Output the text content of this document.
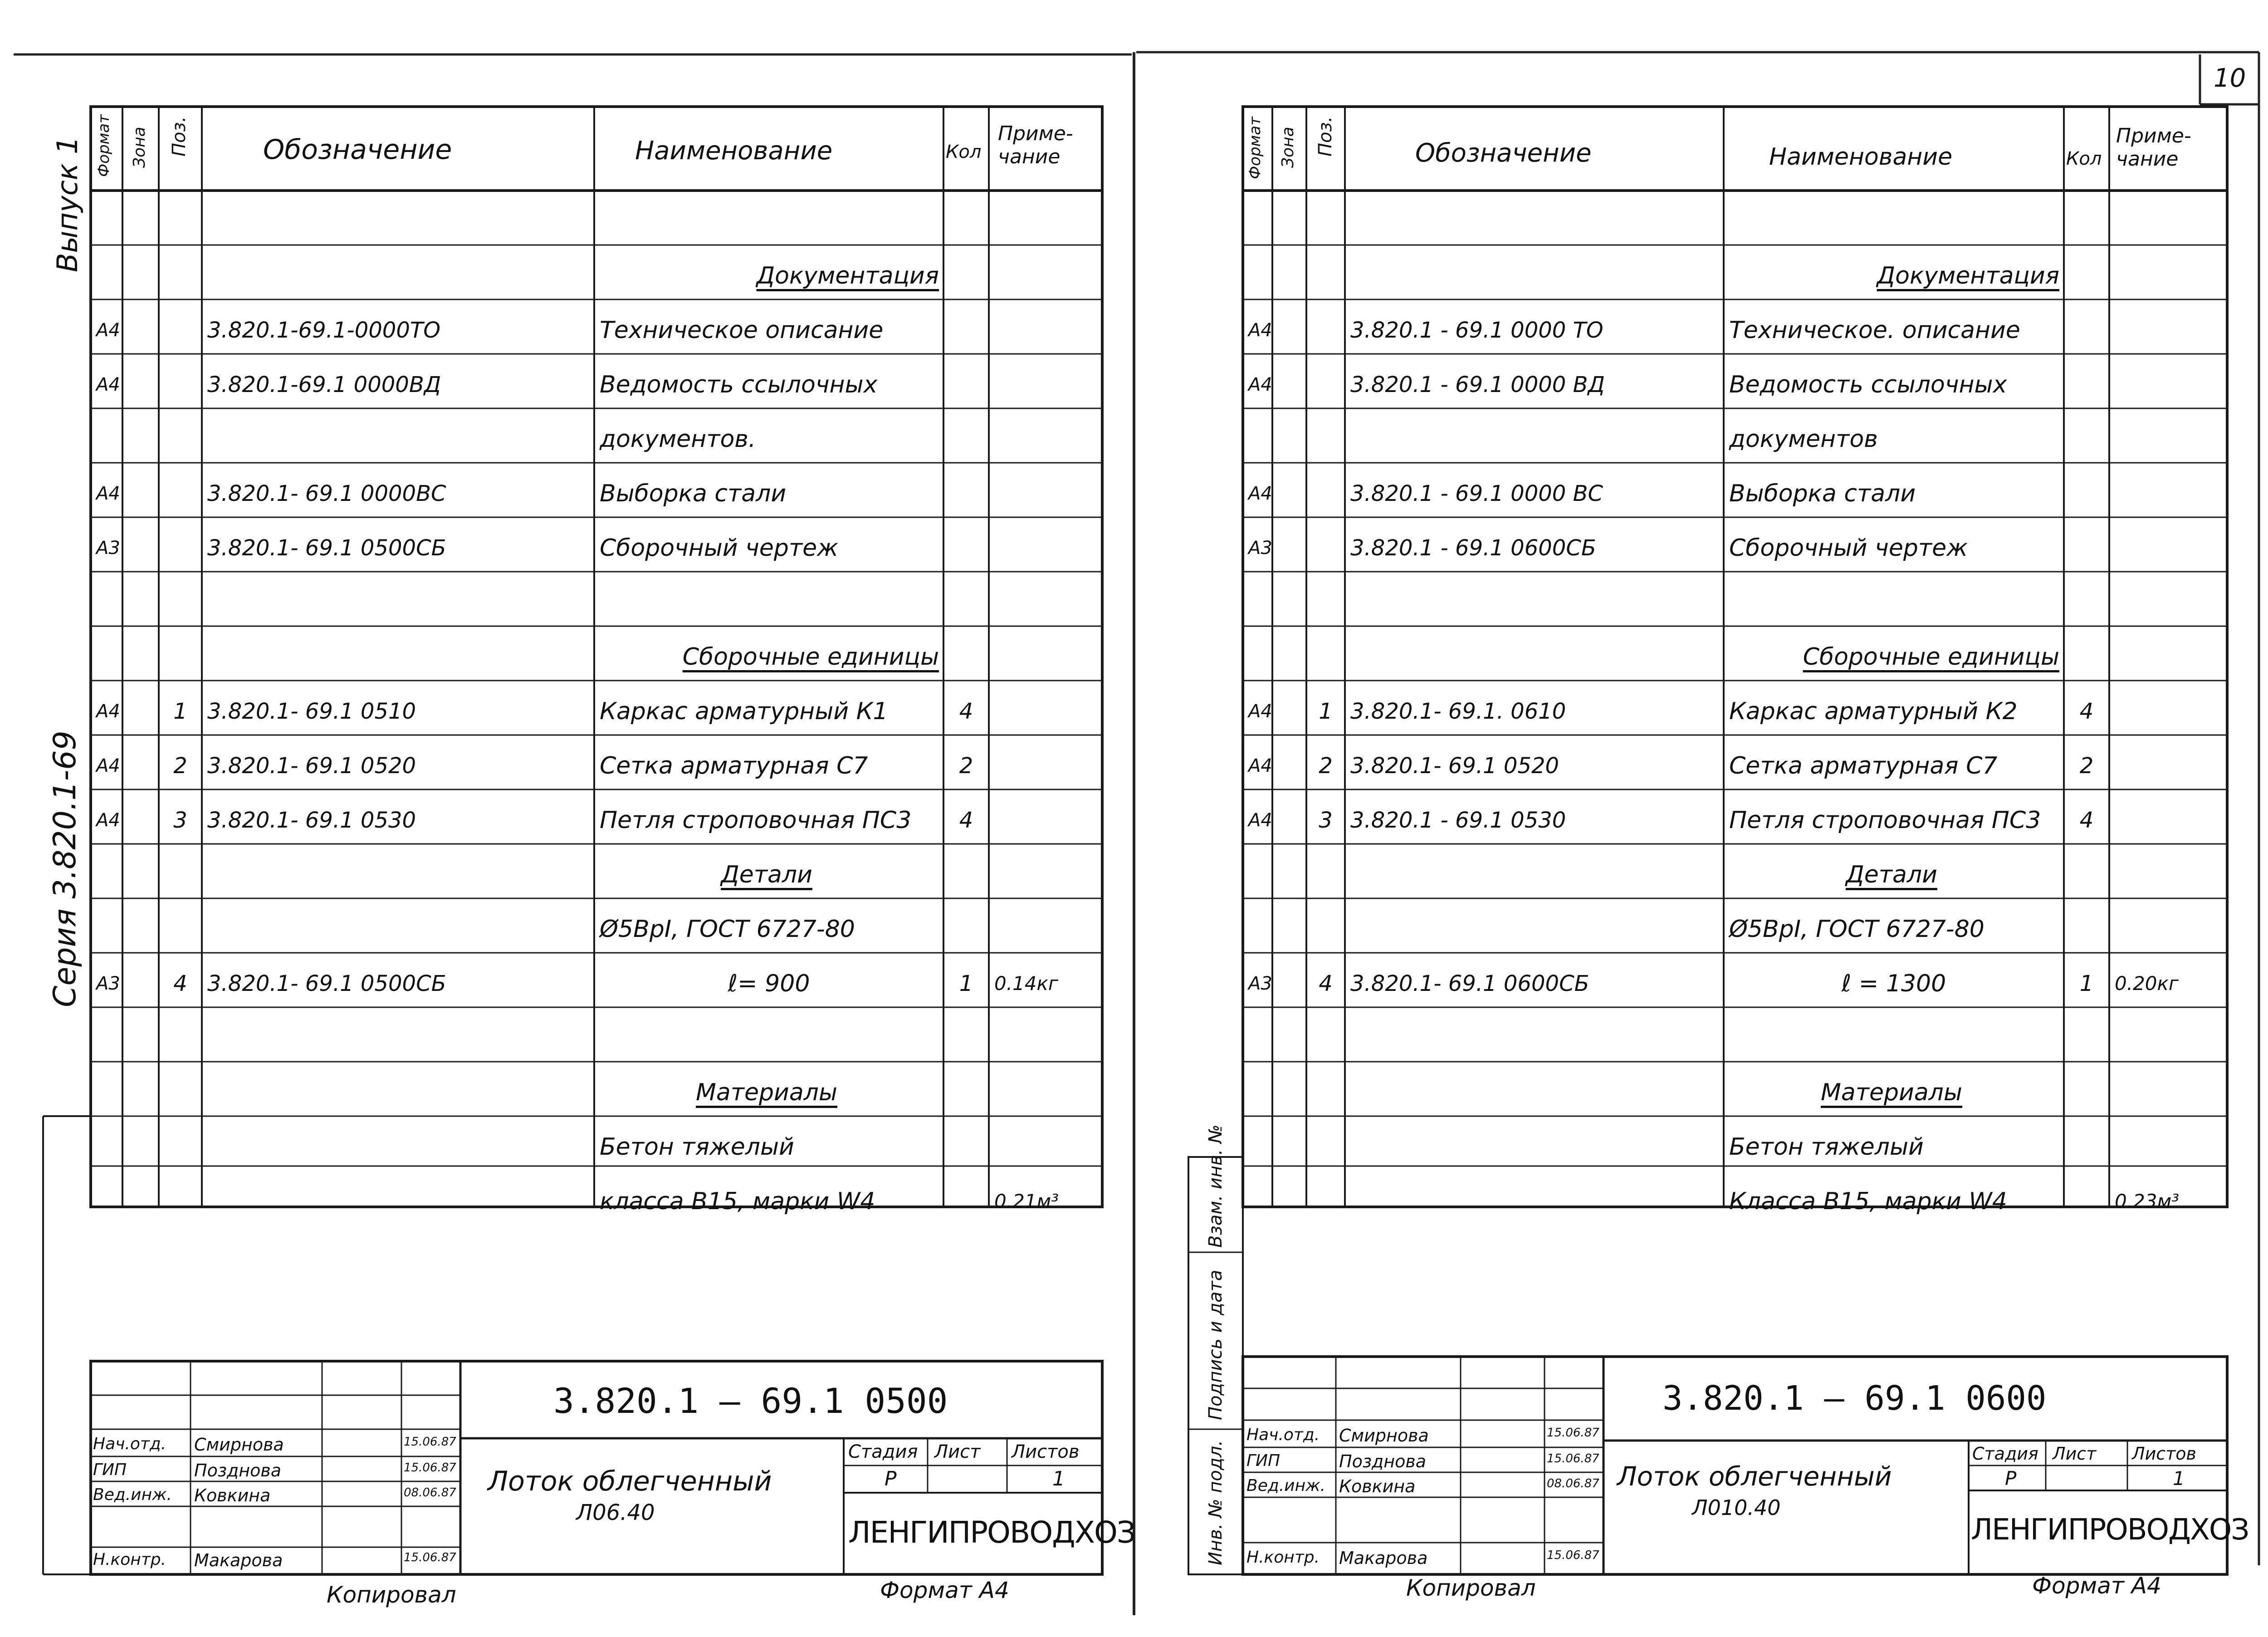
10
Выпуск 1
Серия 3.820.1-69
Формат Зона Поз.	Обозначение	Наименование	Кол
Приме-
чание
Документация
А4	3.820.1-69.1-0000ТО	Техническое описание
А4	3.820.1-69.1 0000ВД	Ведомость ссылочных
документов.
А4	3.820.1- 69.1 0000ВС	Выборка стали
А3	3.820.1- 69.1 0500СБ	Сборочный чертеж
Сборочные единицы
А4	1 3.820.1- 69.1 0510	Каркас арматурный К1	4
А4	2 3.820.1- 69.1 0520	Сетка арматурная С7	2
А4	3 3.820.1- 69.1 0530	Петля строповочная ПС3	4
Детали
Ø5ВрI, ГОСТ 6727-80
А3	4 3.820.1- 69.1 0500СБ	ℓ= 900	1	0.14кг
Материалы
Бетон тяжелый
класса В15, марки W4	0.21м³
3.820.1 — 69.1 0500
Лоток облегченный
Л06.40
Стадия Лист Листов
Р	1
ЛЕНГИПРОВОДХОЗ
Нач.отд. Смирнова	15.06.87
ГИП	Позднова	15.06.87
Вед.инж. Ковкина	08.06.87
Н.контр. Макарова	15.06.87
Копировал	Формат А4
Формат Зона Поз.	Обозначение	Наименование	Кол
Приме-
чание
Взам. инв. №
Подпись и дата
Инв. № подл.
Документация
А4	3.820.1 - 69.1 0000 ТО	Техническое. описание
А4	3.820.1 - 69.1 0000 ВД	Ведомость ссылочных
документов
А4	3.820.1 - 69.1 0000 ВС	Выборка стали
А3	3.820.1 - 69.1 0600СБ	Сборочный чертеж
Сборочные единицы
А4	1 3.820.1- 69.1. 0610	Каркас арматурный К2	4
А4	2 3.820.1- 69.1 0520	Сетка арматурная С7	2
А4	3 3.820.1 - 69.1 0530	Петля строповочная ПС3	4
Детали
Ø5ВрI, ГОСТ 6727-80
А3	4 3.820.1- 69.1 0600СБ	ℓ = 1300	1	0.20кг
Материалы
Бетон тяжелый
Класса В15, марки W4	0.23м³
3.820.1 — 69.1 0600
Лоток облегченный
Л010.40
Стадия Лист Листов
Р	1
ЛЕНГИПРОВОДХОЗ
Нач.отд. Смирнова	15.06.87
ГИП	Позднова	15.06.87
Вед.инж. Ковкина	08.06.87
Н.контр. Макарова	15.06.87
Копировал	Формат А4
